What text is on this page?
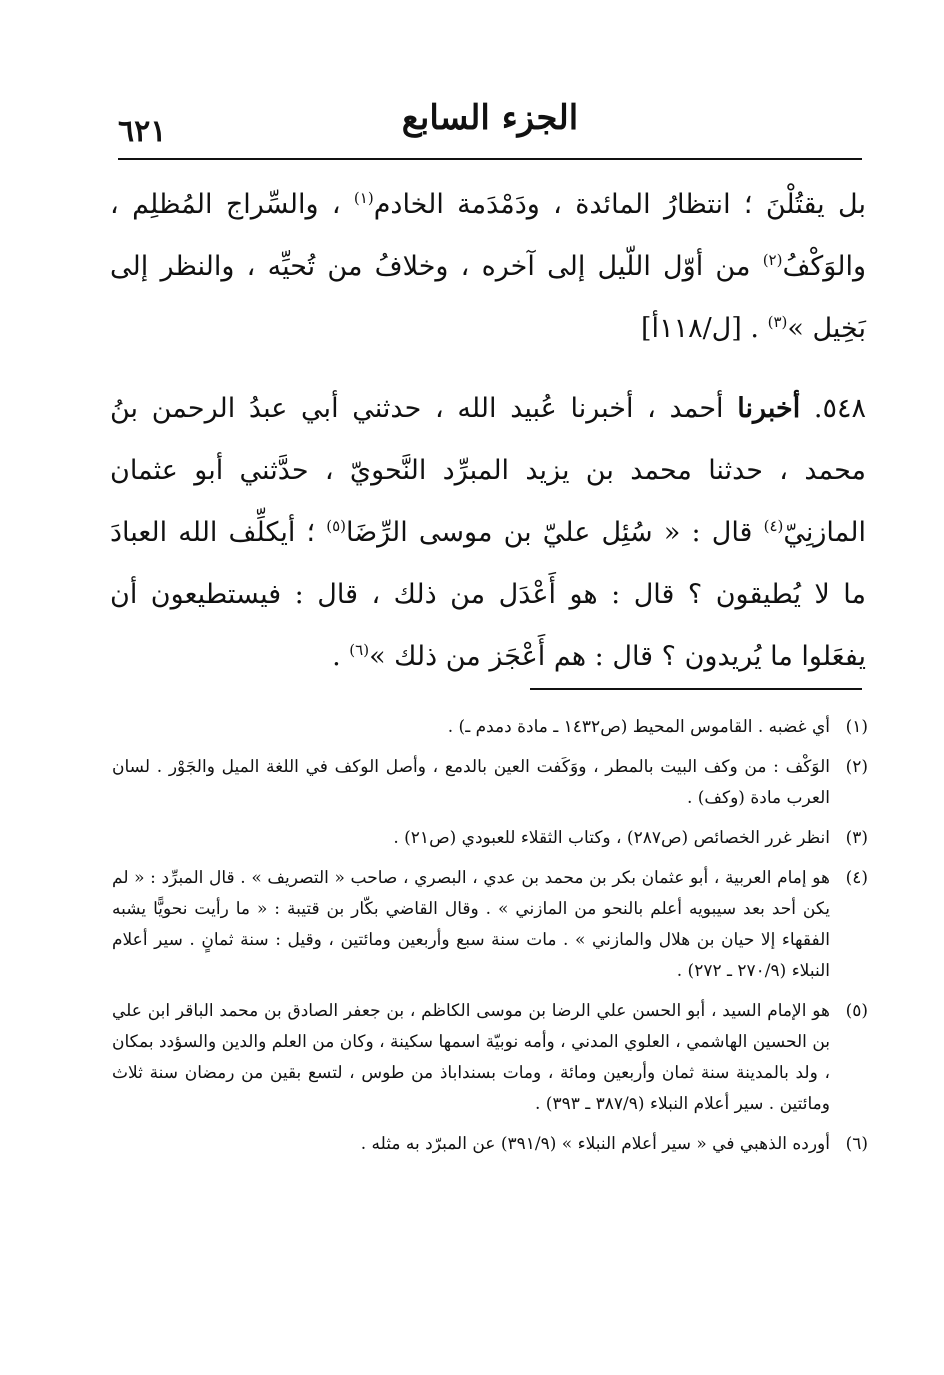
٦٢١	الجزء السابع

بل يقتُلْنَ ؛ انتظارُ المائدة ، ودَمْدَمة الخادم$^{(١)}$ ، والسِّراج المُظلِم ، والوَكْفُ$^{(٢)}$ من أوّل اللّيل إلى آخره ، وخلافُ من تُحيِّه ، والنظر إلى بَخِيل »$^{(٣)}$ . [ل/١١٨أ]

٥٤٨. أخبرنا أحمد ، أخبرنا عُبيد الله ، حدثني أبي عبدُ الرحمن بنُ محمد ، حدثنا محمد بن يزيد المبرِّد النَّحويّ ، حدَّثني أبو عثمان المازنِيّ$^{(٤)}$ قال : « سُئِل عليّ بن موسى الرِّضَا$^{(٥)}$ ؛ أيكلِّف الله العبادَ ما لا يُطيقون ؟ قال : هو أَعْدَل من ذلك ، قال : فيستطيعون أن يفعَلوا ما يُريدون ؟ قال : هم أَعْجَز من ذلك »$^{(٦)}$ .

(١)
أي غضبه . القاموس المحيط (ص١٤٣٢ ـ مادة دمدم ـ) .
(٢)
الوَكْف : من وكف البيت بالمطر ، ووَكَفت العين بالدمع ، وأصل الوكف في اللغة الميل والجَوْر . لسان العرب مادة (وكف) .
(٣)
انظر غرر الخصائص (ص٢٨٧) ، وكتاب الثقلاء للعبودي (ص٢١) .
(٤)
هو إمام العربية ، أبو عثمان بكر بن محمد بن عدي ، البصري ، صاحب « التصريف » . قال المبرِّد : « لم يكن أحد بعد سيبويه أعلم بالنحو من المازني » . وقال القاضي بكّار بن قتيبة : « ما رأيت نحويًّا يشبه الفقهاء إلا حيان بن هلال والمازني » . مات سنة سبع وأربعين ومائتين ، وقيل : سنة ثمانٍ . سير أعلام النبلاء (٢٧٠/٩ ـ ٢٧٢) .
(٥)
هو الإمام السيد ، أبو الحسن علي الرضا بن موسى الكاظم ، بن جعفر الصادق بن محمد الباقر ابن علي بن الحسين الهاشمي ، العلوي المدني ، وأمه نوبيّة اسمها سكينة ، وكان من العلم والدين والسؤدد بمكان ، ولد بالمدينة سنة ثمان وأربعين ومائة ، ومات بسنداباذ من طوس ، لتسع بقين من رمضان سنة ثلاث ومائتين . سير أعلام النبلاء (٣٨٧/٩ ـ ٣٩٣) .
(٦)
أورده الذهبي في « سير أعلام النبلاء » (٣٩١/٩) عن المبرّد به مثله .
